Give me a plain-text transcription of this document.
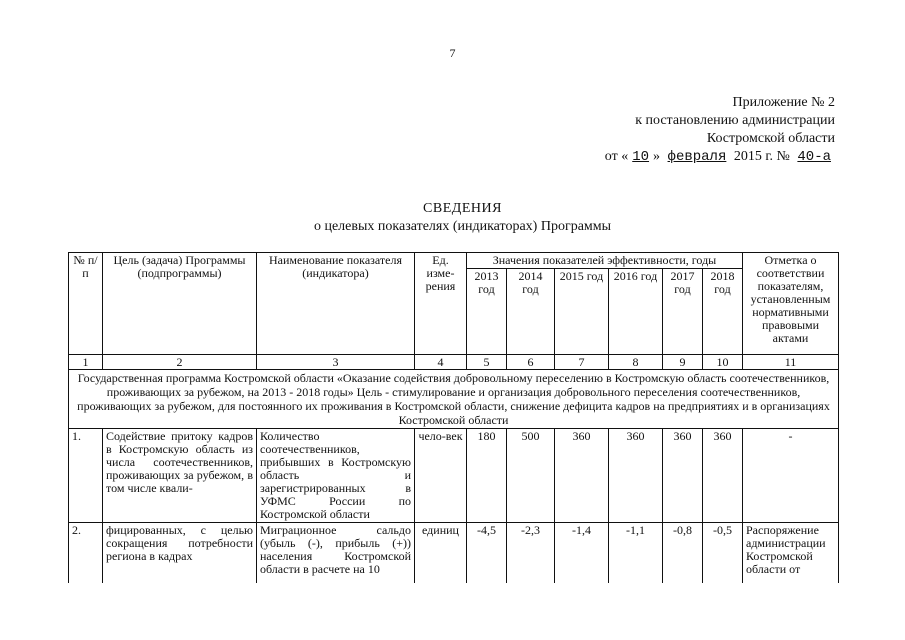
7
Приложение № 2
к постановлению администрации
Костромской области
от « 10 » февраля 2015 г. № 40-а
СВЕДЕНИЯ
о целевых показателях (индикаторах) Программы
№ п/п	Цель (задача) Программы (подпрограммы)	Наименование показателя (индикатора)	Ед. изме-рения	Значения показателей эффективности, годы						Отметка о соответствии показателям, установленным нормативными правовыми актами
				2013 год	2014 год	2015 год	2016 год	2017 год	2018 год	
1	2	3	4	5	6	7	8	9	10	11
Государственная программа Костромской области «Оказание содействия добровольному переселению в Костромскую область соотечественников, проживающих за рубежом, на 2013 - 2018 годы» Цель - стимулирование и организация добровольного переселения соотечественников, проживающих за рубежом, для постоянного их проживания в Костромской области, снижение дефицита кадров на предприятиях и в организациях Костромской области										
1.	Содействие притоку кадров в Костромскую область из числа соотечественников, проживающих за рубежом, в том числе квали-	Количество соотечественников, прибывших в Костромскую область и зарегистрированных в УФМС России по Костромской области	чело-век	180	500	360	360	360	360	-
2.	фицированных, с целью сокращения потребности региона в кадрах	Миграционное сальдо (убыль (-), прибыль (+)) населения Костромской области в расчете на 10	единиц	-4,5	-2,3	-1,4	-1,1	-0,8	-0,5	Распоряжение администрации Костромской области от
